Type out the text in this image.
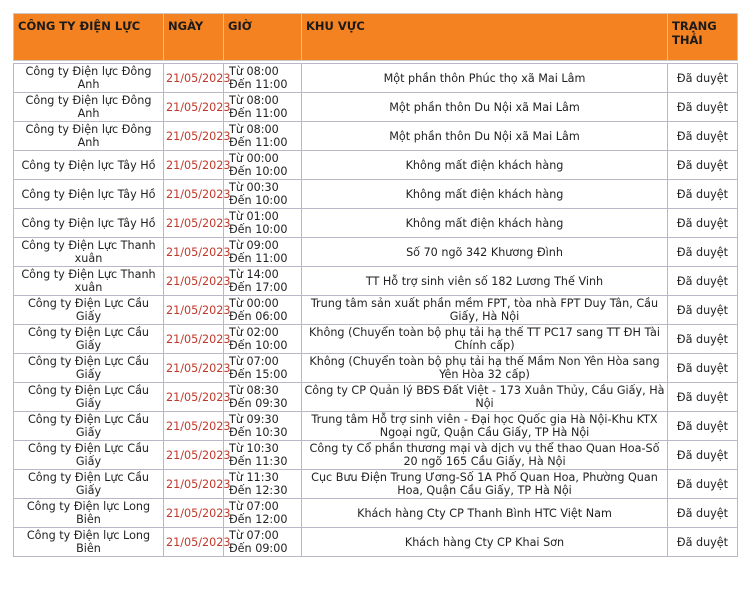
CÔNG TY ĐIỆN LỰC	NGÀY	GIỜ	KHU VỰC	TRẠNG THÁI

Công ty Điện lực Đông Anh	21/05/2023	Từ 08:00 Đến 11:00	Một phần thôn Phúc thọ xã Mai Lâm	Đã duyệt
Công ty Điện lực Đông Anh	21/05/2023	Từ 08:00 Đến 11:00	Một phần thôn Du Nội xã Mai Lâm	Đã duyệt
Công ty Điện lực Đông Anh	21/05/2023	Từ 08:00 Đến 11:00	Một phần thôn Du Nội xã Mai Lâm	Đã duyệt
Công ty Điện lực Tây Hồ	21/05/2023	Từ 00:00 Đến 10:00	Không mất điện khách hàng	Đã duyệt
Công ty Điện lực Tây Hồ	21/05/2023	Từ 00:30 Đến 10:00	Không mất điện khách hàng	Đã duyệt
Công ty Điện lực Tây Hồ	21/05/2023	Từ 01:00 Đến 10:00	Không mất điện khách hàng	Đã duyệt
Công ty Điện Lực Thanh xuân	21/05/2023	Từ 09:00 Đến 11:00	Số 70 ngõ 342 Khương Đình	Đã duyệt
Công ty Điện Lực Thanh xuân	21/05/2023	Từ 14:00 Đến 17:00	TT Hỗ trợ sinh viên số 182 Lương Thế Vinh	Đã duyệt
Công ty Điện Lực Cầu Giấy	21/05/2023	Từ 00:00 Đến 06:00	Trung tâm sản xuất phần mềm FPT, tòa nhà FPT Duy Tân, Cầu Giấy, Hà Nội	Đã duyệt
Công ty Điện Lực Cầu Giấy	21/05/2023	Từ 02:00 Đến 10:00	Không (Chuyển toàn bộ phụ tải hạ thế TT PC17 sang TT ĐH Tài Chính cấp)	Đã duyệt
Công ty Điện Lực Cầu Giấy	21/05/2023	Từ 07:00 Đến 15:00	Không (Chuyển toàn bộ phụ tải hạ thế Mầm Non Yên Hòa sang Yên Hòa 32 cấp)	Đã duyệt
Công ty Điện Lực Cầu Giấy	21/05/2023	Từ 08:30 Đến 09:30	Công ty CP Quản lý BĐS Đất Việt - 173 Xuân Thủy, Cầu Giấy, Hà Nội	Đã duyệt
Công ty Điện Lực Cầu Giấy	21/05/2023	Từ 09:30 Đến 10:30	Trung tâm Hỗ trợ sinh viên - Đại học Quốc gia Hà Nội-Khu KTX Ngoại ngữ, Quận Cầu Giấy, TP Hà Nội	Đã duyệt
Công ty Điện Lực Cầu Giấy	21/05/2023	Từ 10:30 Đến 11:30	Công ty Cổ phần thương mại và dịch vụ thể thao Quan Hoa-Số 20 ngõ 165 Cầu Giấy, Hà Nội	Đã duyệt
Công ty Điện Lực Cầu Giấy	21/05/2023	Từ 11:30 Đến 12:30	Cục Bưu Điện Trung Ương-Số 1A Phố Quan Hoa, Phường Quan Hoa, Quận Cầu Giấy, TP Hà Nội	Đã duyệt
Công ty Điện lực Long Biên	21/05/2023	Từ 07:00 Đến 12:00	Khách hàng Cty CP Thanh Bình HTC Việt Nam	Đã duyệt
Công ty Điện lực Long Biên	21/05/2023	Từ 07:00 Đến 09:00	Khách hàng Cty CP Khai Sơn	Đã duyệt
